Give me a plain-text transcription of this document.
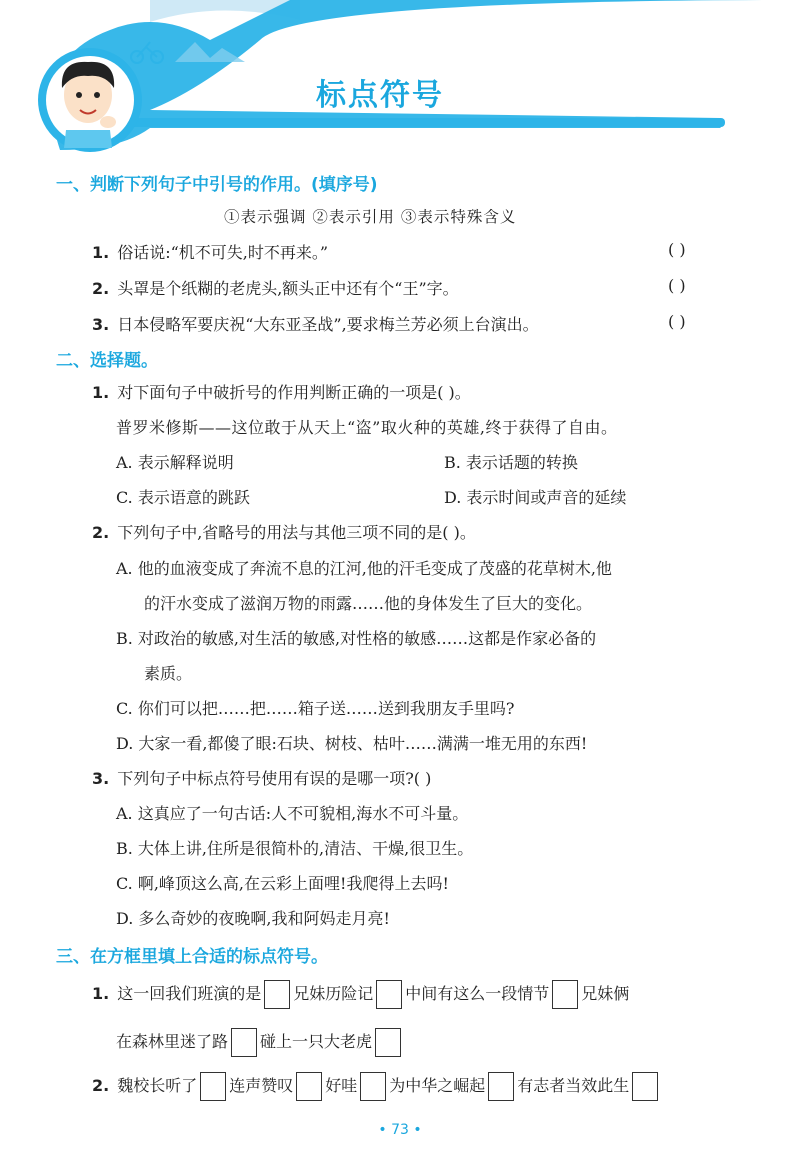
标点符号
一、判断下列句子中引号的作用。(填序号)
①表示强调 ②表示引用 ③表示特殊含义
1. 俗话说:“机不可失,时不再来。”	( )
2. 头罩是个纸糊的老虎头,额头正中还有个“王”字。	( )
3. 日本侵略军要庆祝“大东亚圣战”,要求梅兰芳必须上台演出。	( )
二、选择题。
1. 对下面句子中破折号的作用判断正确的一项是( )。
普罗米修斯——这位敢于从天上“盗”取火种的英雄,终于获得了自由。
A. 表示解释说明	B. 表示话题的转换
C. 表示语意的跳跃	D. 表示时间或声音的延续
2. 下列句子中,省略号的用法与其他三项不同的是( )。
A. 他的血液变成了奔流不息的江河,他的汗毛变成了茂盛的花草树木,他
的汗水变成了滋润万物的雨露……他的身体发生了巨大的变化。
B. 对政治的敏感,对生活的敏感,对性格的敏感……这都是作家必备的
素质。
C. 你们可以把……把……箱子送……送到我朋友手里吗?
D. 大家一看,都傻了眼:石块、树枝、枯叶……满满一堆无用的东西!
3. 下列句子中标点符号使用有误的是哪一项?( )
A. 这真应了一句古话:人不可貌相,海水不可斗量。
B. 大体上讲,住所是很简朴的,清洁、干燥,很卫生。
C. 啊,峰顶这么高,在云彩上面哩!我爬得上去吗!
D. 多么奇妙的夜晚啊,我和阿妈走月亮!
三、在方框里填上合适的标点符号。
1. 这一回我们班演的是 兄妹历险记 中间有这么一段情节 兄妹俩
在森林里迷了路 碰上一只大老虎
2. 魏校长听了 连声赞叹 好哇 为中华之崛起 有志者当效此生
• 73 •
